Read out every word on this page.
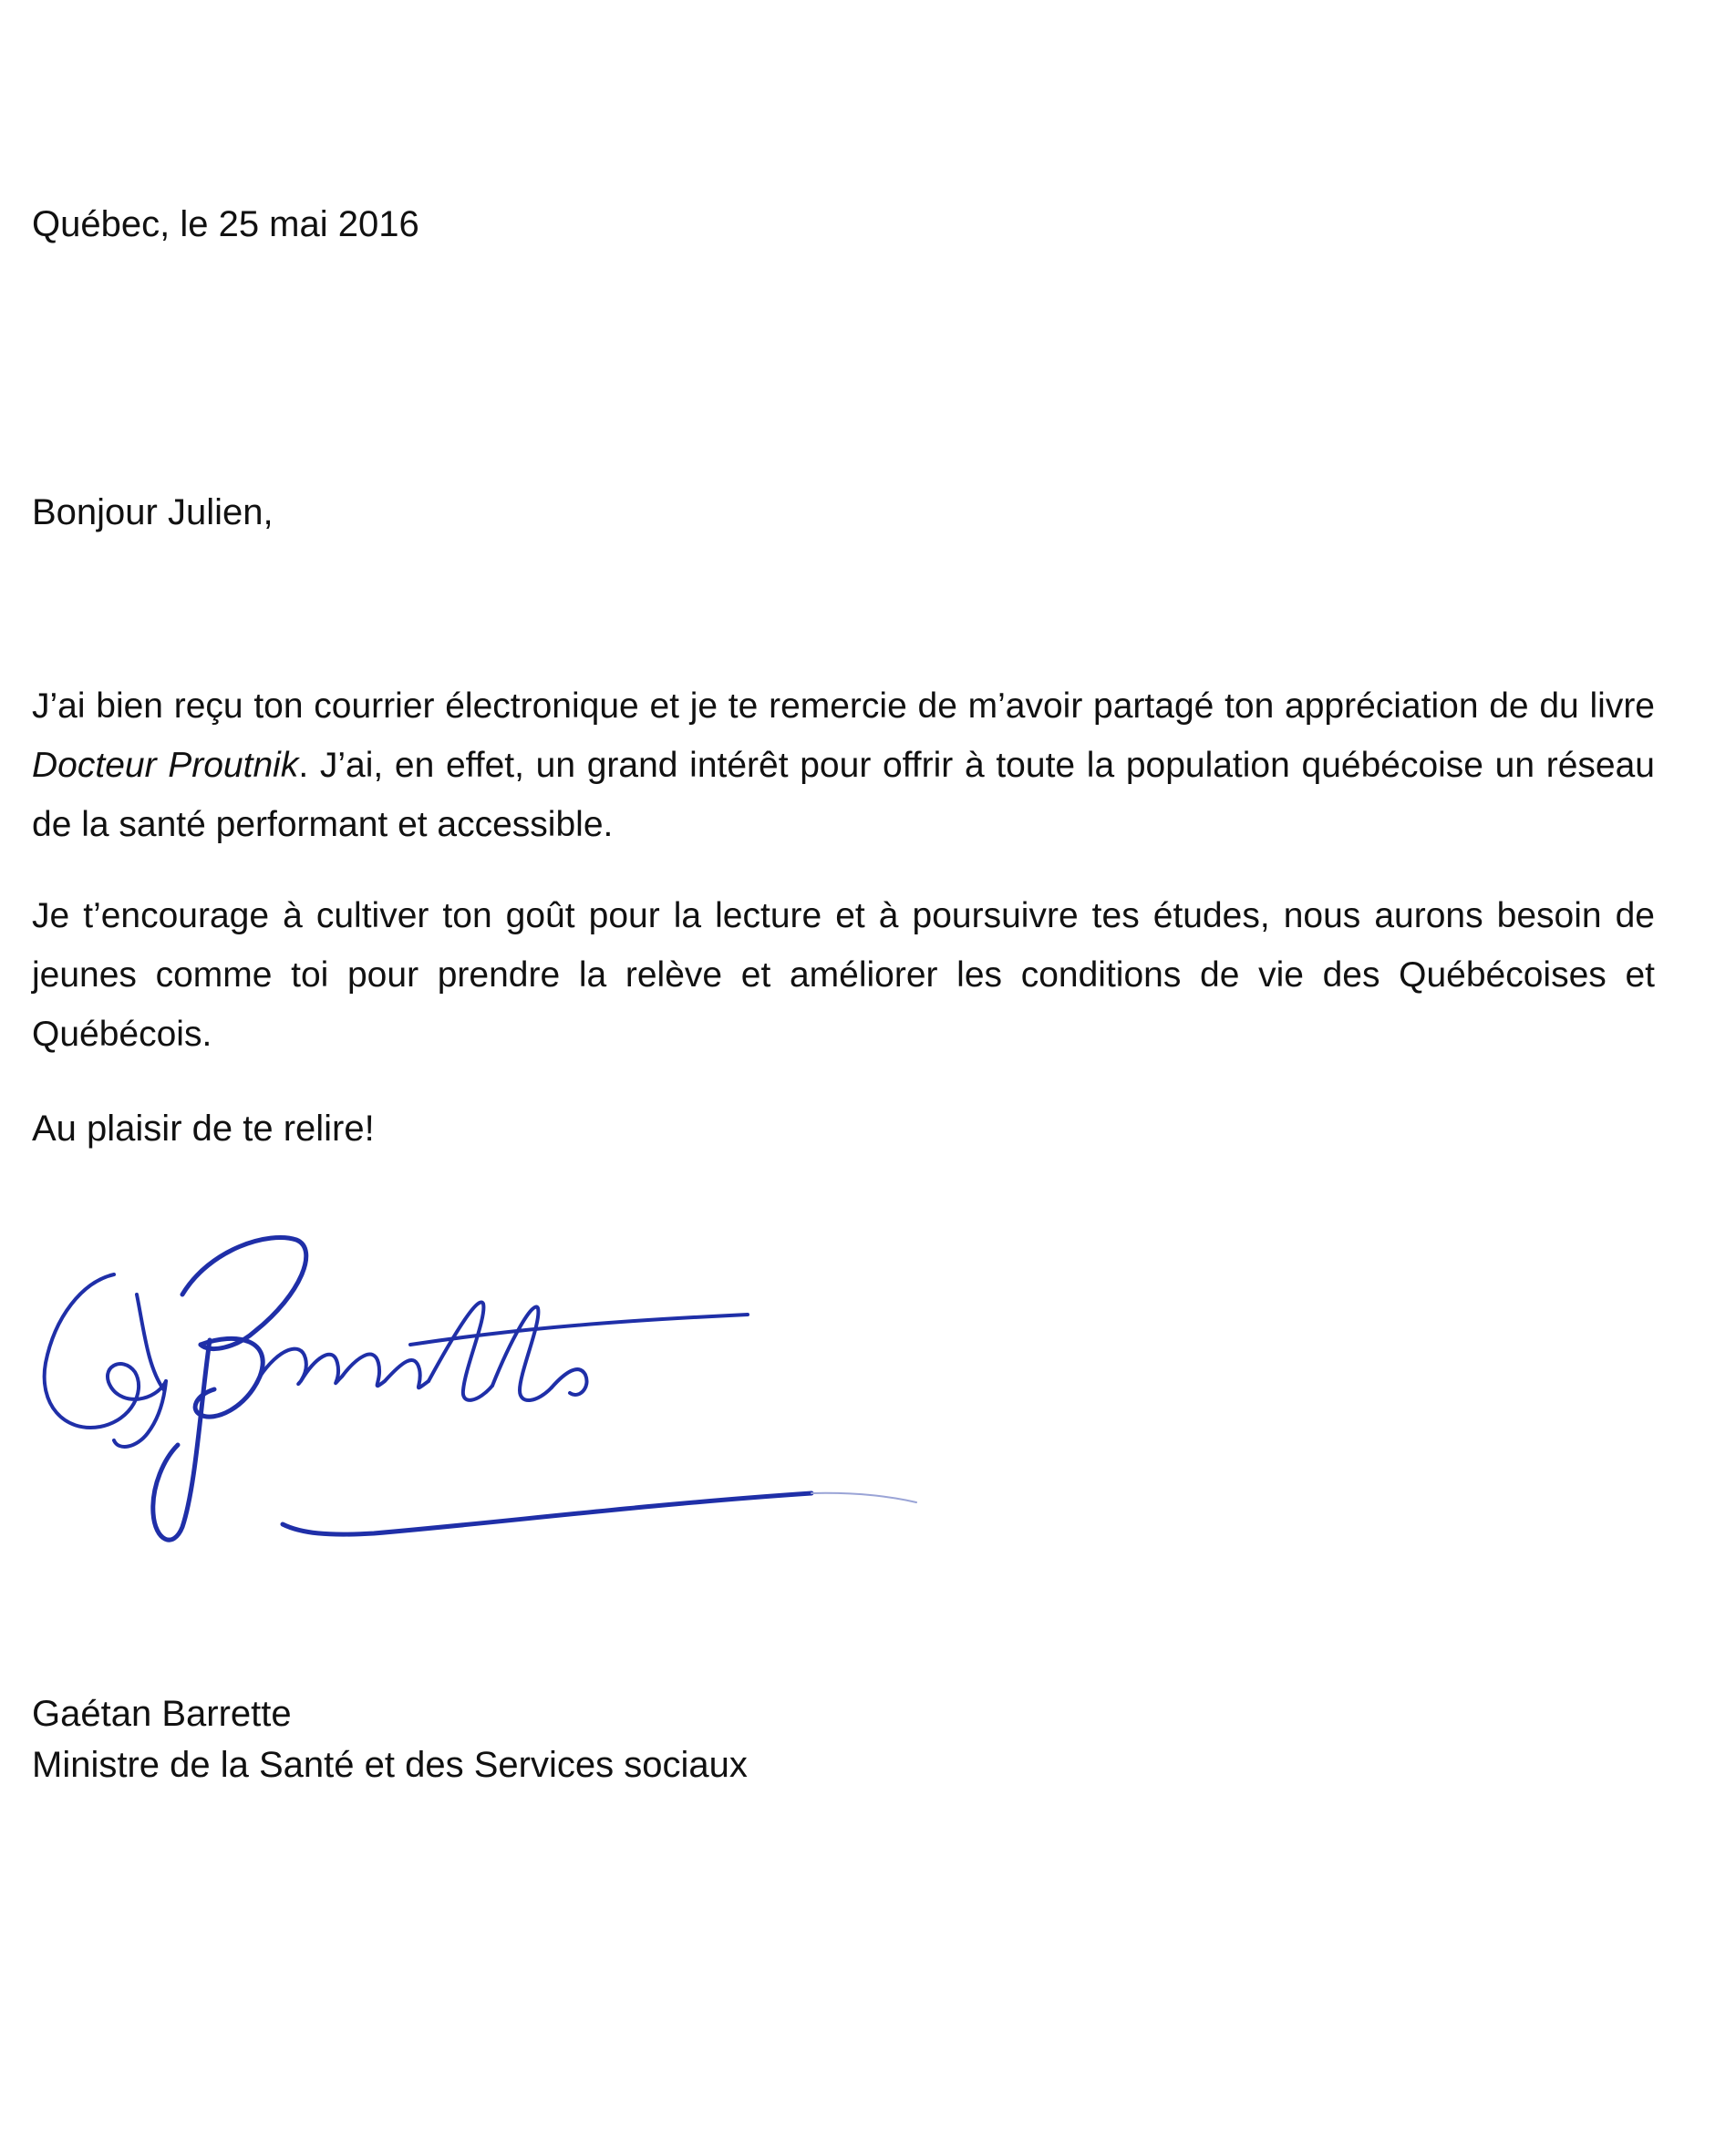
Québec, le 25 mai 2016
Bonjour Julien,
J’ai bien reçu ton courrier électronique et je te remercie de m’avoir partagé ton appréciation de du livre Docteur Proutnik. J’ai, en effet, un grand intérêt pour offrir à toute la population québécoise un réseau de la santé performant et accessible.
Je t’encourage à cultiver ton goût pour la lecture et à poursuivre tes études, nous aurons besoin de jeunes comme toi pour prendre la relève et améliorer les conditions de vie des Québécoises et Québécois.
Au plaisir de te relire!
Gaétan Barrette
Ministre de la Santé et des Services sociaux
